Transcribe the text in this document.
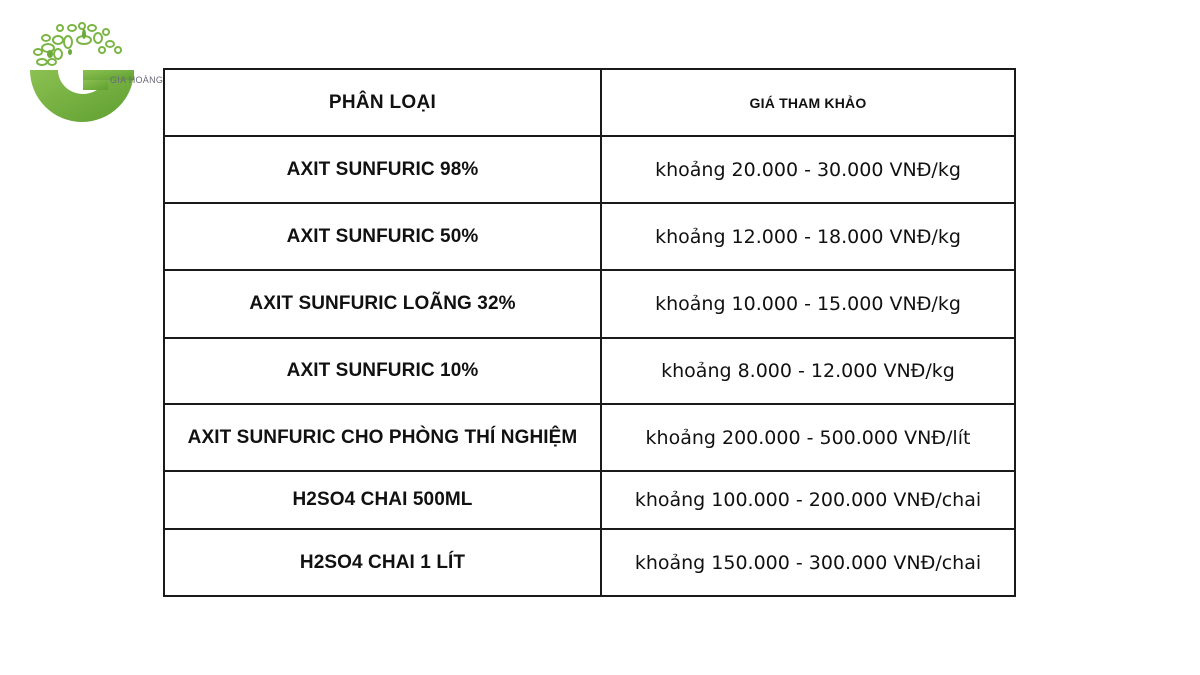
GIA HOÀNG
PHÂN LOẠI	GIÁ THAM KHẢO
AXIT SUNFURIC 98%	khoảng 20.000 - 30.000 VNĐ/kg
AXIT SUNFURIC 50%	khoảng 12.000 - 18.000 VNĐ/kg
AXIT SUNFURIC LOÃNG 32%	khoảng 10.000 - 15.000 VNĐ/kg
AXIT SUNFURIC 10%	khoảng 8.000 - 12.000 VNĐ/kg
AXIT SUNFURIC CHO PHÒNG THÍ NGHIỆM	khoảng 200.000 - 500.000 VNĐ/lít
H2SO4 CHAI 500ML	khoảng 100.000 - 200.000 VNĐ/chai
H2SO4 CHAI 1 LÍT	khoảng 150.000 - 300.000 VNĐ/chai
